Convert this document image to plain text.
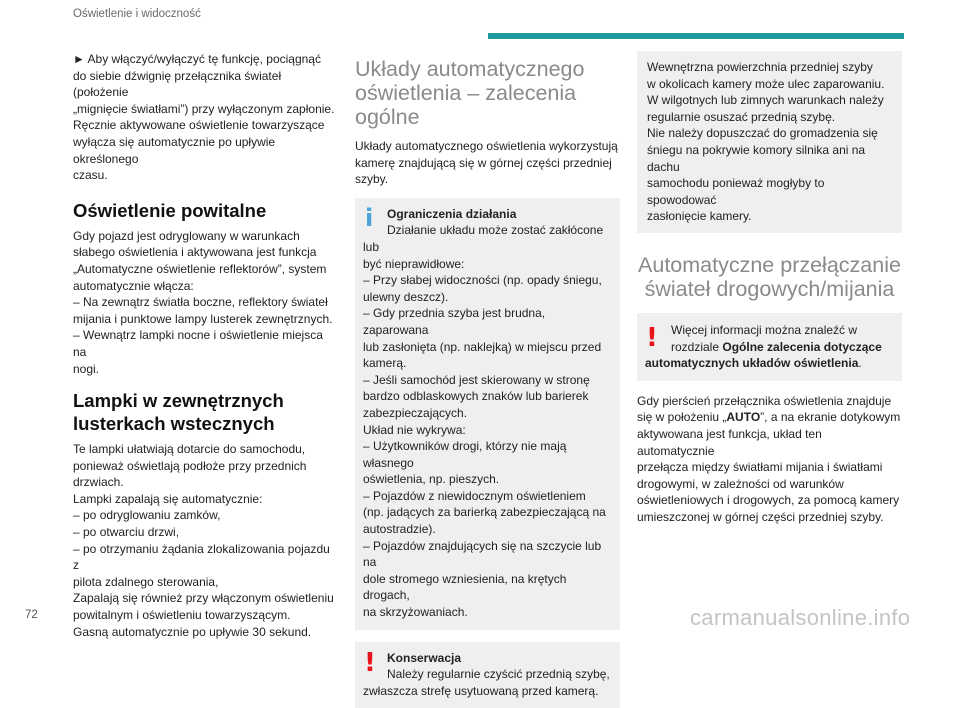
Oświetlenie i widoczność
► Aby włączyć/wyłączyć tę funkcję, pociągnąć
do siebie dźwignię przełącznika świateł (położenie
„mignięcie światłami”) przy wyłączonym zapłonie.
Ręcznie aktywowane oświetlenie towarzyszące
wyłącza się automatycznie po upływie określonego
czasu.
Oświetlenie powitalne
Gdy pojazd jest odryglowany w warunkach
słabego oświetlenia i aktywowana jest funkcja
„Automatyczne oświetlenie reflektorów”, system
automatycznie włącza:
– Na zewnątrz światła boczne, reflektory świateł
mijania i punktowe lampy lusterek zewnętrznych.
– Wewnątrz lampki nocne i oświetlenie miejsca na
nogi.
Lampki w zewnętrznych
lusterkach wstecznych
Te lampki ułatwiają dotarcie do samochodu,
ponieważ oświetlają podłoże przy przednich
drzwiach.
Lampki zapalają się automatycznie:
– po odryglowaniu zamków,
– po otwarciu drzwi,
– po otrzymaniu żądania zlokalizowania pojazdu z
pilota zdalnego sterowania,
Zapalają się również przy włączonym oświetleniu
powitalnym i oświetleniu towarzyszącym.
Gasną automatycznie po upływie 30 sekund.
Układy automatycznego
oświetlenia – zalecenia
ogólne
Układy automatycznego oświetlenia wykorzystują
kamerę znajdującą się w górnej części przedniej
szyby.
i	Ograniczenia działania
Działanie układu może zostać zakłócone lub
być nieprawidłowe:
– Przy słabej widoczności (np. opady śniegu,
ulewny deszcz).
– Gdy przednia szyba jest brudna, zaparowana
lub zasłonięta (np. naklejką) w miejscu przed
kamerą.
– Jeśli samochód jest skierowany w stronę
bardzo odblaskowych znaków lub barierek
zabezpieczających.
Układ nie wykrywa:
– Użytkowników drogi, którzy nie mają własnego
oświetlenia, np. pieszych.
– Pojazdów z niewidocznym oświetleniem
(np. jadących za barierką zabezpieczającą na
autostradzie).
– Pojazdów znajdujących się na szczycie lub na
dole stromego wzniesienia, na krętych drogach,
na skrzyżowaniach.
! Konserwacja
Należy regularnie czyścić przednią szybę,
zwłaszcza strefę usytuowaną przed kamerą.
Wewnętrzna powierzchnia przedniej szyby
w okolicach kamery może ulec zaparowaniu.
W wilgotnych lub zimnych warunkach należy
regularnie osuszać przednią szybę.
Nie należy dopuszczać do gromadzenia się
śniegu na pokrywie komory silnika ani na dachu
samochodu ponieważ mogłyby to spowodować
zasłonięcie kamery.
Automatyczne przełączanie
świateł drogowych/mijania
!	Więcej informacji można znaleźć w
rozdziale Ogólne zalecenia dotyczące
automatycznych układów oświetlenia.
Gdy pierścień przełącznika oświetlenia znajduje
się w położeniu „AUTO”, a na ekranie dotykowym
aktywowana jest funkcja, układ ten automatycznie
przełącza między światłami mijania i światłami
drogowymi, w zależności od warunków
oświetleniowych i drogowych, za pomocą kamery
umieszczonej w górnej części przedniej szyby.
72	carmanualsonline.info
